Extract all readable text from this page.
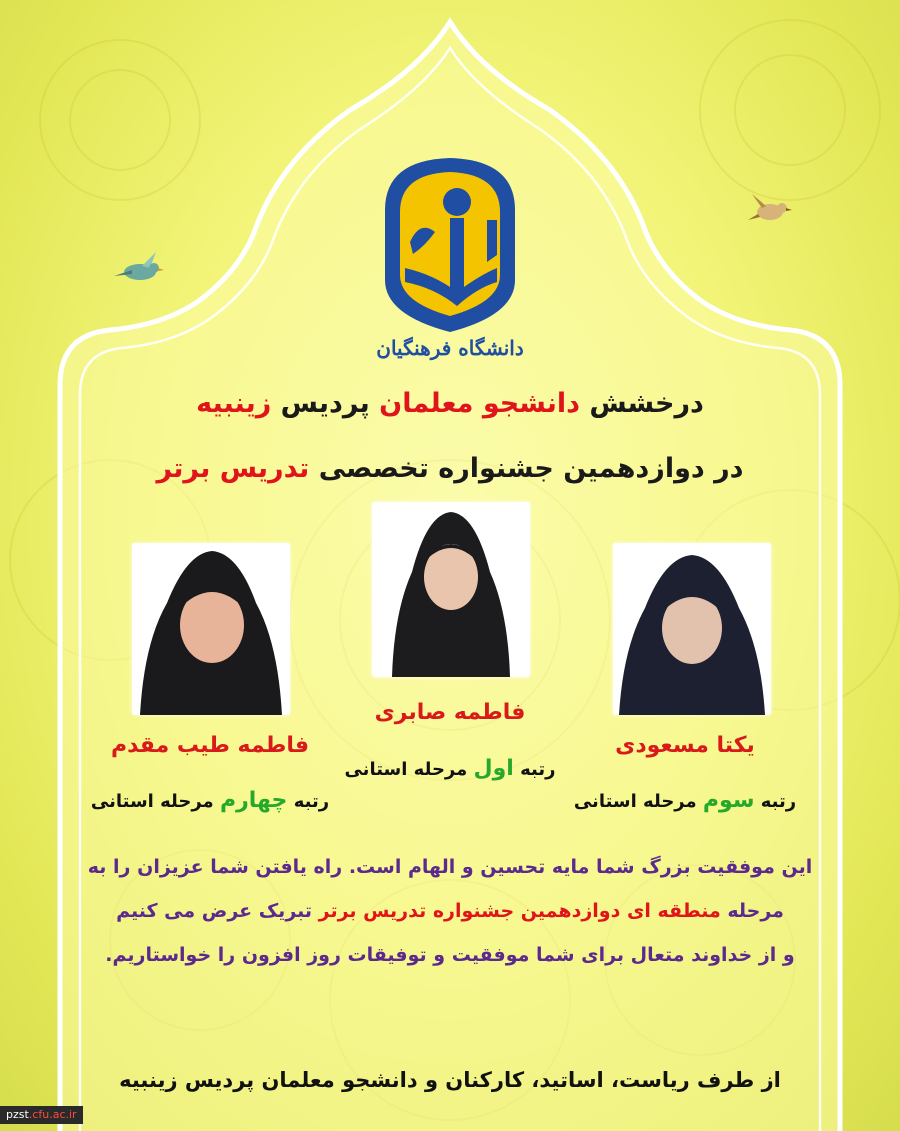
دانشگاه فرهنگیان
درخشش دانشجو معلمان پردیس زینبیه
در دوازدهمین جشنواره تخصصی تدریس برتر
فاطمه صابری
فاطمه طیب مقدم	یکتا مسعودی
رتبه اول مرحله استانی
رتبه چهارم مرحله استانی	رتبه سوم مرحله استانی
این موفقیت بزرگ شما مایه تحسین و الهام است. راه یافتن شما عزیزان را به
مرحله منطقه ای دوازدهمین جشنواره تدریس برتر تبریک عرض می کنیم
و از خداوند متعال برای شما موفقیت و توفیقات روز افزون را خواستاریم.
از طرف ریاست، اساتید، کارکنان و دانشجو معلمان پردیس زینبیه
pzst.cfu.ac.ir
